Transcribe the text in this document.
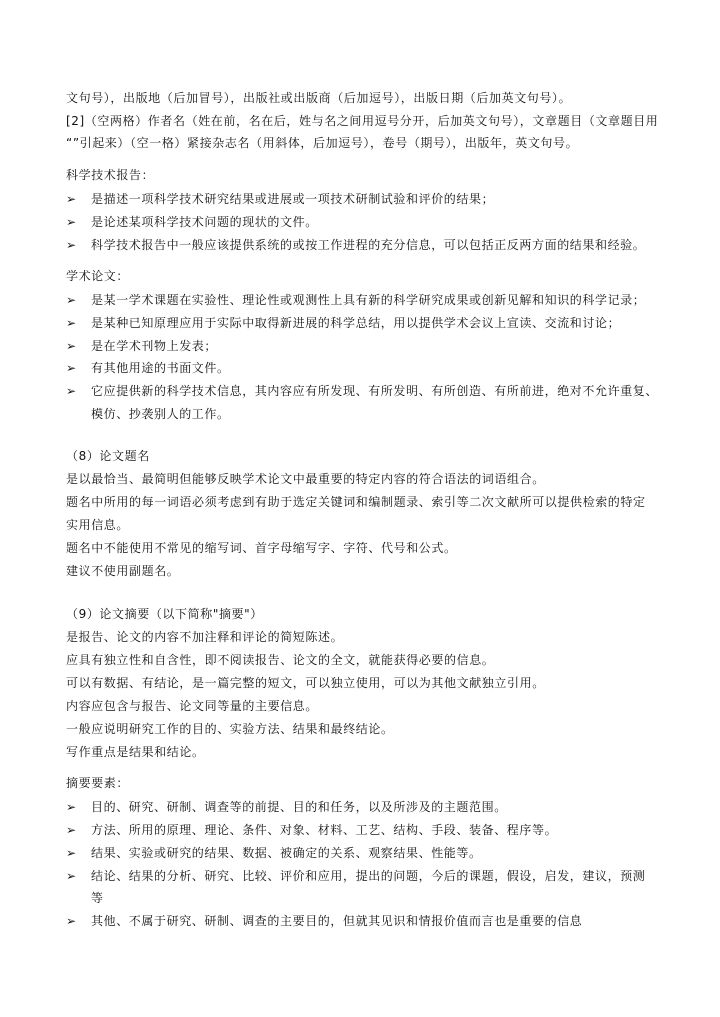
文句号），出版地（后加冒号），出版社或出版商（后加逗号），出版日期（后加英文句号）。
[2]（空两格）作者名（姓在前，名在后，姓与名之间用逗号分开，后加英文句号），文章题目（文章题目用
“”引起来）（空一格）紧接杂志名（用斜体，后加逗号），卷号（期号），出版年，英文句号。
科学技术报告：
➢ 是描述一项科学技术研究结果或进展或一项技术研制试验和评价的结果；
➢ 是论述某项科学技术问题的现状的文件。
➢ 科学技术报告中一般应该提供系统的或按工作进程的充分信息，可以包括正反两方面的结果和经验。
学术论文：
➢ 是某一学术课题在实验性、理论性或观测性上具有新的科学研究成果或创新见解和知识的科学记录；
➢ 是某种已知原理应用于实际中取得新进展的科学总结，用以提供学术会议上宣读、交流和讨论；
➢ 是在学术刊物上发表；
➢ 有其他用途的书面文件。
➢ 它应提供新的科学技术信息，其内容应有所发现、有所发明、有所创造、有所前进，绝对不允许重复、
模仿、抄袭别人的工作。
（8）论文题名
是以最恰当、最简明但能够反映学术论文中最重要的特定内容的符合语法的词语组合。
题名中所用的每一词语必须考虑到有助于选定关键词和编制题录、索引等二次文献所可以提供检索的特定
实用信息。
题名中不能使用不常见的缩写词、首字母缩写字、字符、代号和公式。
建议不使用副题名。
（9）论文摘要（以下简称"摘要"）
是报告、论文的内容不加注释和评论的简短陈述。
应具有独立性和自含性，即不阅读报告、论文的全文，就能获得必要的信息。
可以有数据、有结论，是一篇完整的短文，可以独立使用，可以为其他文献独立引用。
内容应包含与报告、论文同等量的主要信息。
一般应说明研究工作的目的、实验方法、结果和最终结论。
写作重点是结果和结论。
摘要要素：
➢ 目的、研究、研制、调查等的前提、目的和任务，以及所涉及的主题范围。
➢ 方法、所用的原理、理论、条件、对象、材料、工艺、结构、手段、装备、程序等。
➢ 结果、实验或研究的结果、数据、被确定的关系、观察结果、性能等。
➢ 结论、结果的分析、研究、比较、评价和应用，提出的问题，今后的课题，假设，启发，建议，预测
等
➢ 其他、不属于研究、研制、调查的主要目的，但就其见识和情报价值而言也是重要的信息
